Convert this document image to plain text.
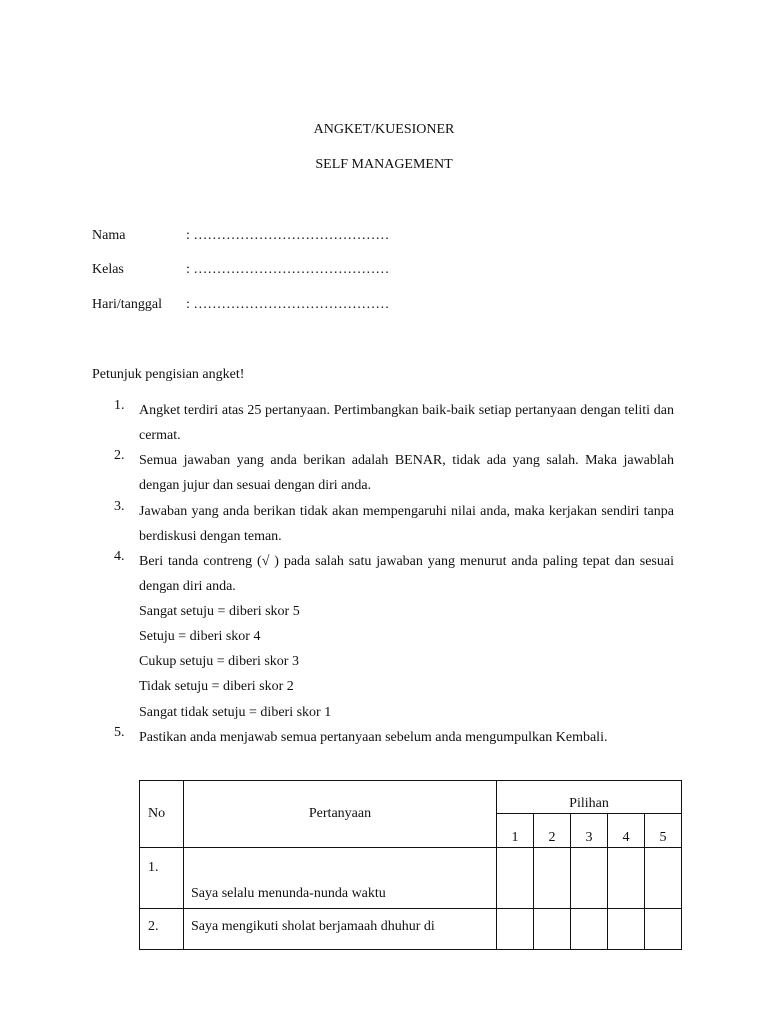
ANGKET/KUESIONER
SELF MANAGEMENT
Nama	: ……………………………………
Kelas	: ……………………………………
Hari/tanggal : ……………………………………
Petunjuk pengisian angket!
1. Angket terdiri atas 25 pertanyaan. Pertimbangkan baik-baik setiap pertanyaan dengan teliti dan cermat.
2. Semua jawaban yang anda berikan adalah BENAR, tidak ada yang salah. Maka jawablah dengan jujur dan sesuai dengan diri anda.
3. Jawaban yang anda berikan tidak akan mempengaruhi nilai anda, maka kerjakan sendiri tanpa berdiskusi dengan teman.
4. Beri tanda contreng (√ ) pada salah satu jawaban yang menurut anda paling tepat dan sesuai dengan diri anda.
Sangat setuju = diberi skor 5
Setuju = diberi skor 4
Cukup setuju = diberi skor 3
Tidak setuju = diberi skor 2
Sangat tidak setuju = diberi skor 1
5. Pastikan anda menjawab semua pertanyaan sebelum anda mengumpulkan Kembali.
No	Pertanyaan	Pilihan				
		1	2	3	4	5
1.	Saya selalu menunda-nunda waktu					
2.	Saya mengikuti sholat berjamaah dhuhur di					
